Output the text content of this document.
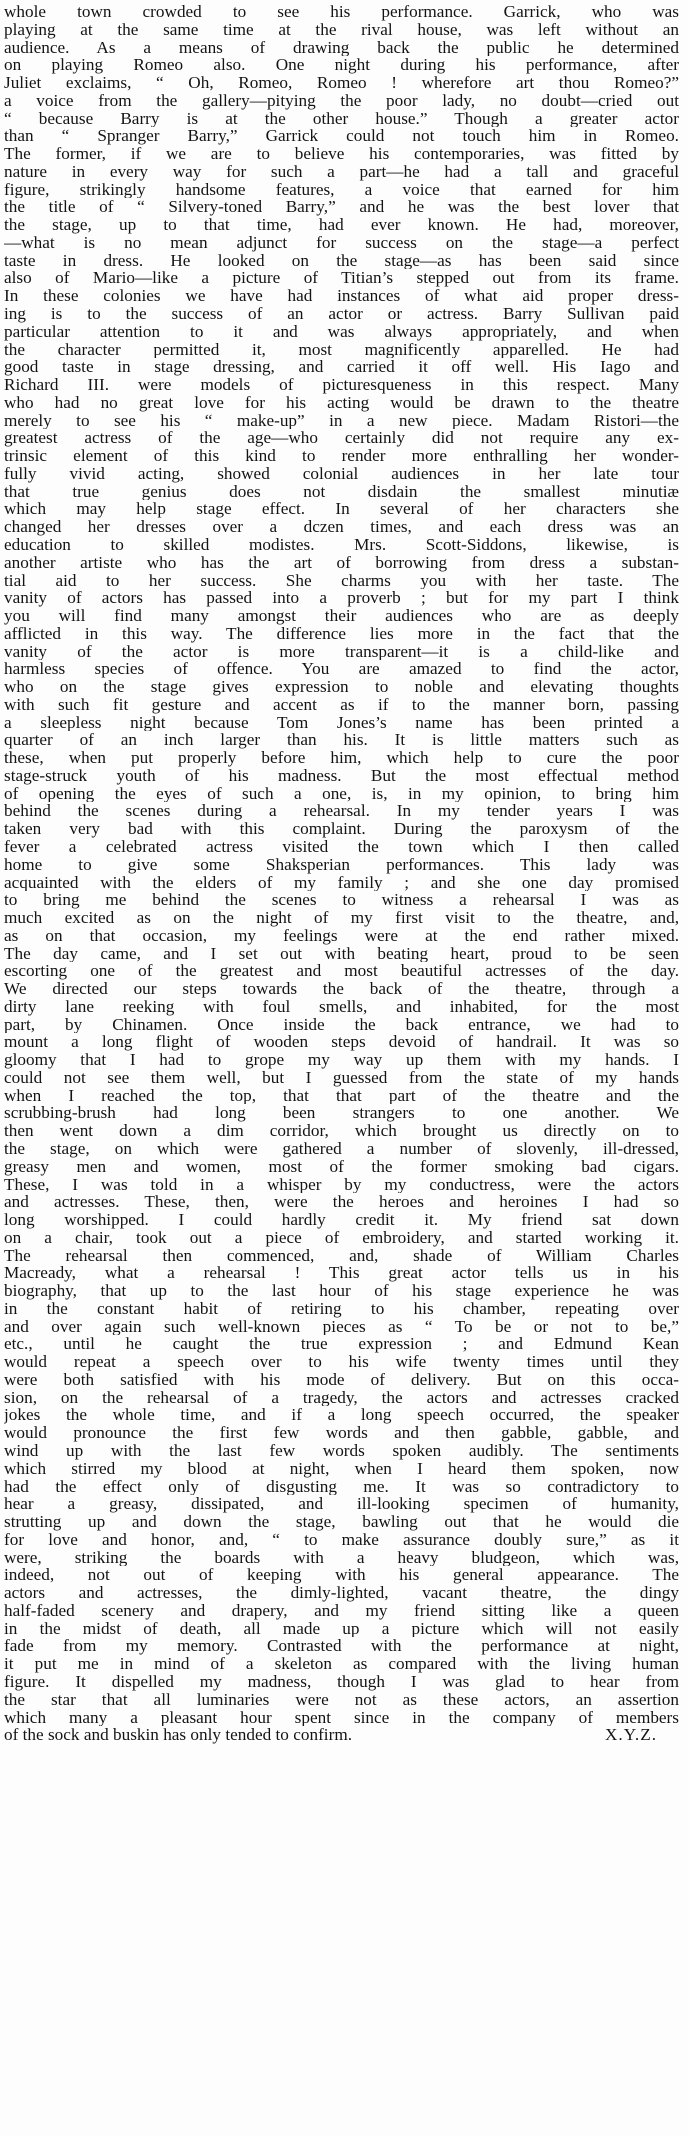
whole town crowded to see his performance. Garrick, who was
playing at the same time at the rival house, was left without an
audience. As a means of drawing back the public he determined
on playing Romeo also. One night during his performance, after
Juliet exclaims, “ Oh, Romeo, Romeo ! wherefore art thou Romeo?”
a voice from the gallery—pitying the poor lady, no doubt—cried out
“ because Barry is at the other house.” Though a greater actor
than “ Spranger Barry,” Garrick could not touch him in Romeo.
The former, if we are to believe his contemporaries, was fitted by
nature in every way for such a part—he had a tall and graceful
figure, strikingly handsome features, a voice that earned for him
the title of “ Silvery-toned Barry,” and he was the best lover that
the stage, up to that time, had ever known. He had, moreover,
—what is no mean adjunct for success on the stage—a perfect
taste in dress. He looked on the stage—as has been said since
also of Mario—like a picture of Titian’s stepped out from its frame.
In these colonies we have had instances of what aid proper dress-
ing is to the success of an actor or actress. Barry Sullivan paid
particular attention to it and was always appropriately, and when
the character permitted it, most magnificently apparelled. He had
good taste in stage dressing, and carried it off well. His Iago and
Richard III. were models of picturesqueness in this respect. Many
who had no great love for his acting would be drawn to the theatre
merely to see his “ make-up” in a new piece. Madam Ristori—the
greatest actress of the age—who certainly did not require any ex-
trinsic element of this kind to render more enthralling her wonder-
fully vivid acting, showed colonial audiences in her late tour
that true genius does not disdain the smallest minutiæ
which may help stage effect. In several of her characters she
changed her dresses over a dczen times, and each dress was an
education to skilled modistes. Mrs. Scott-Siddons, likewise, is
another artiste who has the art of borrowing from dress a substan-
tial aid to her success. She charms you with her taste. The
vanity of actors has passed into a proverb ; but for my part I think
you will find many amongst their audiences who are as deeply
afflicted in this way. The difference lies more in the fact that the
vanity of the actor is more transparent—it is a child-like and
harmless species of offence. You are amazed to find the actor,
who on the stage gives expression to noble and elevating thoughts
with such fit gesture and accent as if to the manner born, passing
a sleepless night because Tom Jones’s name has been printed a
quarter of an inch larger than his. It is little matters such as
these, when put properly before him, which help to cure the poor
stage-struck youth of his madness. But the most effectual method
of opening the eyes of such a one, is, in my opinion, to bring him
behind the scenes during a rehearsal. In my tender years I was
taken very bad with this complaint. During the paroxysm of the
fever a celebrated actress visited the town which I then called
home to give some Shaksperian performances. This lady was
acquainted with the elders of my family ; and she one day promised
to bring me behind the scenes to witness a rehearsal I was as
much excited as on the night of my first visit to the theatre, and,
as on that occasion, my feelings were at the end rather mixed.
The day came, and I set out with beating heart, proud to be seen
escorting one of the greatest and most beautiful actresses of the day.
We directed our steps towards the back of the theatre, through a
dirty lane reeking with foul smells, and inhabited, for the most
part, by Chinamen. Once inside the back entrance, we had to
mount a long flight of wooden steps devoid of handrail. It was so
gloomy that I had to grope my way up them with my hands. I
could not see them well, but I guessed from the state of my hands
when I reached the top, that that part of the theatre and the
scrubbing-brush had long been strangers to one another. We
then went down a dim corridor, which brought us directly on to
the stage, on which were gathered a number of slovenly, ill-dressed,
greasy men and women, most of the former smoking bad cigars.
These, I was told in a whisper by my conductress, were the actors
and actresses. These, then, were the heroes and heroines I had so
long worshipped. I could hardly credit it. My friend sat down
on a chair, took out a piece of embroidery, and started working it.
The rehearsal then commenced, and, shade of William Charles
Macready, what a rehearsal ! This great actor tells us in his
biography, that up to the last hour of his stage experience he was
in the constant habit of retiring to his chamber, repeating over
and over again such well-known pieces as “ To be or not to be,”
etc., until he caught the true expression ; and Edmund Kean
would repeat a speech over to his wife twenty times until they
were both satisfied with his mode of delivery. But on this occa-
sion, on the rehearsal of a tragedy, the actors and actresses cracked
jokes the whole time, and if a long speech occurred, the speaker
would pronounce the first few words and then gabble, gabble, and
wind up with the last few words spoken audibly. The sentiments
which stirred my blood at night, when I heard them spoken, now
had the effect only of disgusting me. It was so contradictory to
hear a greasy, dissipated, and ill-looking specimen of humanity,
strutting up and down the stage, bawling out that he would die
for love and honor, and, “ to make assurance doubly sure,” as it
were, striking the boards with a heavy bludgeon, which was,
indeed, not out of keeping with his general appearance. The
actors and actresses, the dimly-lighted, vacant theatre, the dingy
half-faded scenery and drapery, and my friend sitting like a queen
in the midst of death, all made up a picture which will not easily
fade from my memory. Contrasted with the performance at night,
it put me in mind of a skeleton as compared with the living human
figure. It dispelled my madness, though I was glad to hear from
the star that all luminaries were not as these actors, an assertion
which many a pleasant hour spent since in the company of members
of the sock and buskin has only tended to confirm.	X.Y.Z.
